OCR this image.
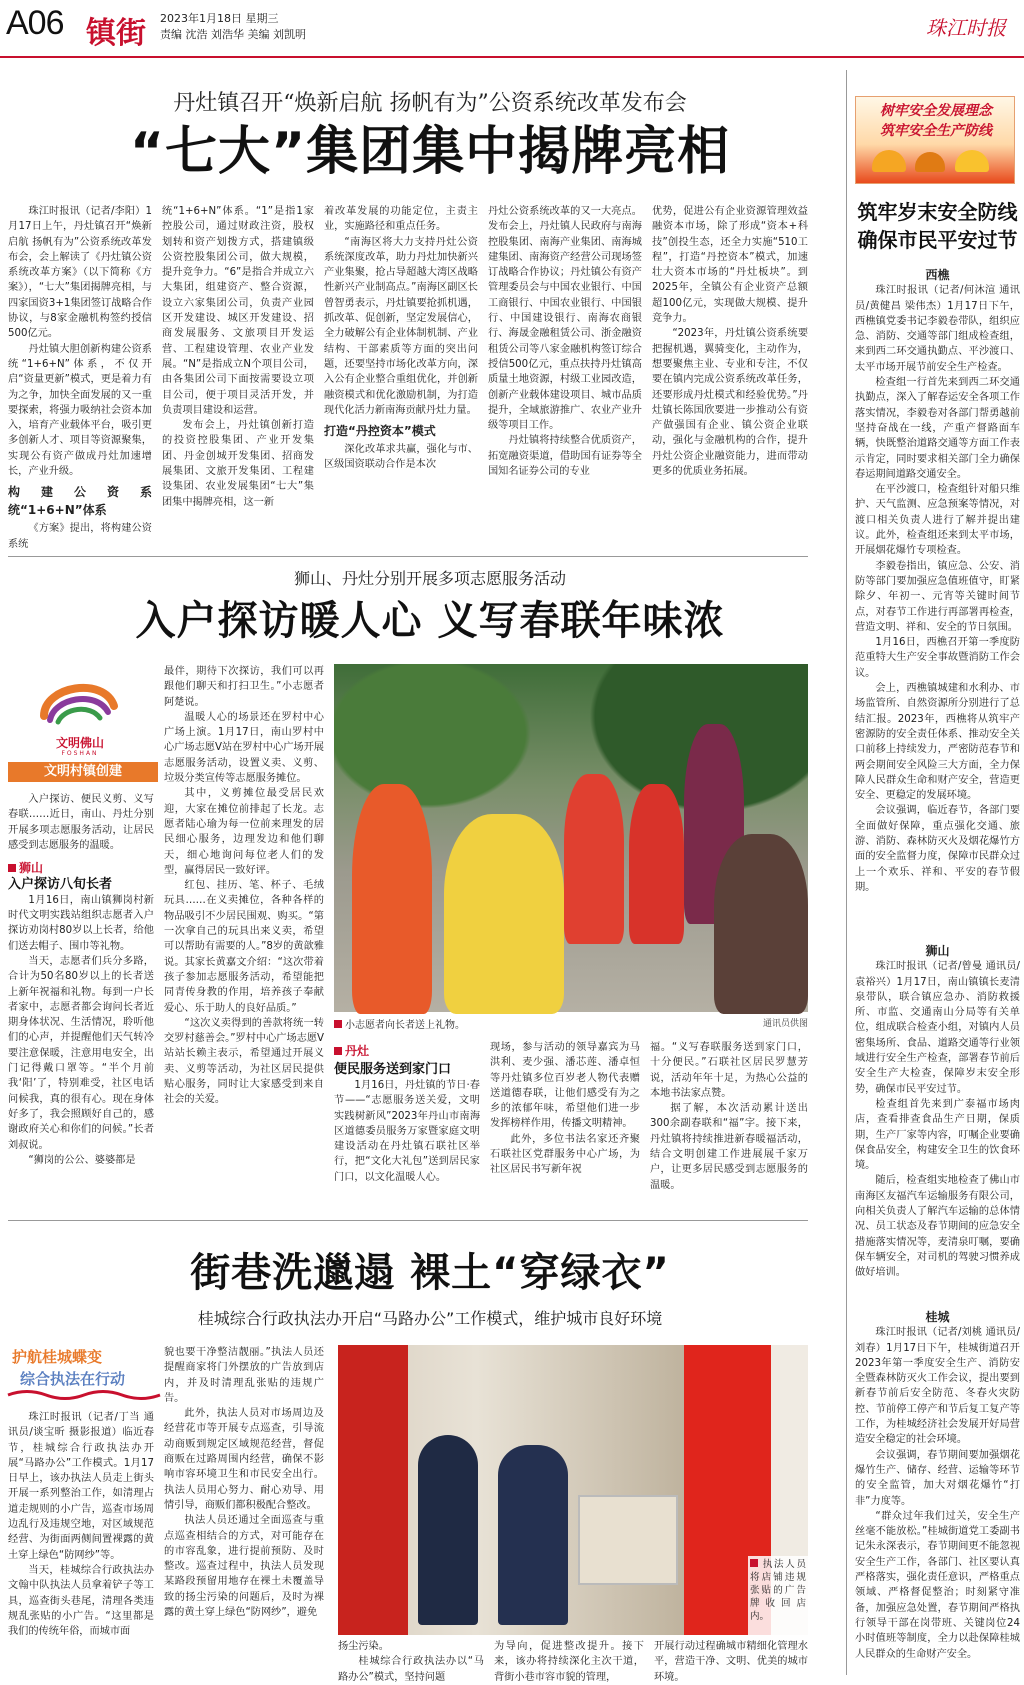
A06 镇街 2023年1月18日 星期三
责编 沈浩 刘浩华 美编 刘凯明	珠江时报
丹灶镇召开“焕新启航 扬帆有为”公资系统改革发布会
“七大”集团集中揭牌亮相

珠江时报讯（记者/李阳）1月17日上午，丹灶镇召开“焕新启航 扬帆有为”公资系统改革发布会，会上解读了《丹灶镇公资系统改革方案》（以下简称《方案》），“七大”集团揭牌亮相，与四家国资3+1集团签订战略合作协议，与8家金融机构签约授信500亿元。

丹灶镇大胆创新构建公资系统“1+6+N”体系，不仅开启“资量更新”模式，更是着力有为之争，加快全面发展的又一重要探索，将强力吸纳社会资本加入，培育产业载体平台，吸引更多创新人才、项目等资源聚集，实现公有资产做成丹灶加速增长，产业升级。

构建公资系统“1+6+N”体系

《方案》提出，将构建公资系统

统“1+6+N”体系。“1”是指1家控股公司，通过财政注资，股权划转和资产划拨方式，搭建镇级公资控股集团公司，做大规模，提升竞争力。“6”是指合并成立六大集团，组建资产、整合资源，设立六家集团公司，负责产业园区开发建设、城区开发建设、招商发展服务、文旅项目开发运营、工程建设管理、农业产业发展。“N”是指成立N个项目公司，由各集团公司下面按需要设立项目公司，便于项目灵活开发，并负责项目建设和运营。

发布会上，丹灶镇创新打造的投资控股集团、产业开发集团、丹金创城开发集团、招商发展集团、文旅开发集团、工程建设集团、农业发展集团“七大”集团集中揭牌亮相，这一新

着改革发展的功能定位，主责主业，实施路径和重点任务。

“南海区将大力支持丹灶公资系统深度改革，助力丹灶加快新兴产业集聚，抢占导超越大湾区战略性新兴产业制高点。”南海区副区长曾智勇表示，丹灶镇要抢抓机遇，抓改革、促创新，坚定发展信心，全力破解公有企业体制机制、产业结构、干部素质等方面的突出问题，还要坚持市场化改革方向，深入公有企业整合重组优化，并创新融资模式和优化激励机制，为打造现代化活力新南海贡献丹灶力量。

打造“丹控资本”模式

深化改革求共赢，强化与市、区级国资联动合作是本次

丹灶公资系统改革的又一大亮点。发布会上，丹灶镇人民政府与南海控股集团、南海产业集团、南海城建集团、南海资产经营公司现场签订战略合作协议；丹灶镇公有资产管理委员会与中国农业银行、中国工商银行、中国农业银行、中国银行、中国建设银行、南海农商银行、海晟金融租赁公司、浙金融资租赁公司等八家金融机构签订综合授信500亿元，重点扶持丹灶镇高质量土地资源，村级工业园改造，创新产业载体建设项目、城市品质提升，全域旅游推广、农业产业升级等项目工作。

丹灶镇将持续整合优质资产，拓宽融资渠道，借助国有证券等全国知名证券公司的专业

优势，促进公有企业资源管理效益融资本市场，除了形成“资本+科技”创投生态，还全力实施“510工程”，打造“丹控资本”模式，加速壮大资本市场的“丹灶板块”。到2025年，全镇公有企业资产总额超100亿元，实现做大规模、提升竞争力。

“2023年，丹灶镇公资系统要把握机遇，翼骑变化，主动作为，想要聚焦主业、专业和专注，不仅要在镇内完成公资系统改革任务，还要形成丹灶模式和经验优势。”丹灶镇长陈国欣要进一步推动公有资产做强国有企业、镇公资企业联动，强化与金融机构的合作，提升丹灶公资企业融资能力，进而带动更多的优质业务拓展。

狮山、丹灶分别开展多项志愿服务活动
入户探访暖人心 义写春联年味浓
文明佛山
FOSHAN
文明村镇创建

入户探访、便民义剪、义写春联……近日，南山、丹灶分别开展多项志愿服务活动，让居民感受到志愿服务的温暖。

狮山
入户探访八旬长者

1月16日，南山镇狮岗村新时代文明实践站组织志愿者入户探访劝岗村80岁以上长者，给他们送去帽子、围巾等礼物。

当天，志愿者们兵分多路，合计为50名80岁以上的长者送上新年祝福和礼物。每到一户长者家中，志愿者都会询问长者近期身体状况、生活情况，聆听他们的心声，并提醒他们天气转冷要注意保暖，注意用电安全，出门记得戴口罩等。“半个月前我‘阳’了，特别难受，社区电话问候我，真的很有心。现在身体好多了，我会照顾好自己的，感谢政府关心和你们的问候。”长者刘叔说。

“狮岗的公公、婆婆都是

最伴，期待下次探访，我们可以再跟他们聊天和打扫卫生。”小志愿者阿楚说。

温暖人心的场景还在罗村中心广场上演。1月17日，南山罗村中心广场志愿V站在罗村中心广场开展志愿服务活动，设置义卖、义剪、垃圾分类宣传等志愿服务摊位。

其中，义剪摊位最受居民欢迎，大家在摊位前排起了长龙。志愿者陆心瑜为每一位前来理发的居民细心服务，边理发边和他们聊天，细心地询问每位老人们的发型，赢得居民一致好评。

红包、挂历、笔、杯子、毛绒玩具……在义卖摊位，各种各样的物品吸引不少居民围观、购买。“第一次拿自己的玩具出来义卖，希望可以帮助有需要的人。”8岁的黄歆雅说。其家长黄嘉文介绍：“这次带着孩子参加志愿服务活动，希望能把同青传身教的作用，培养孩子奉献爱心、乐于助人的良好品质。”

“这次义卖得到的善款将统一转交罗村慈善会。”罗村中心广场志愿V站站长赖主表示，希望通过开展义卖、义剪等活动，为社区居民提供贴心服务，同时让大家感受到来自社会的关爱。

小志愿者向长者送上礼物。	通讯员供图
丹灶
便民服务送到家门口

1月16日，丹灶镇的节日·春节——“志愿服务送关爱，文明实践树新风”2023年丹山市南海区道德委员服务万家暨家庭文明建设活动在丹灶镇石联社区举行，把“文化大礼包”送到居民家门口，以文化温暖人心。

现场，参与活动的领导嘉宾为马洪利、麦少强、潘芯莲、潘卓恒等丹灶镇多位百岁老人物代表赠送道德春联，让他们感受有为之乡的浓郁年味，希望他们进一步发挥榜样作用，传播文明精神。

此外，多位书法名家还齐聚石联社区党群服务中心广场，为社区居民书写新年祝

福。“义写春联服务送到家门口，十分便民。”石联社区居民罗慧芳说，活动年年十足，为热心公益的本地书法家点赞。

据了解，本次活动累计送出300余副春联和“福”字。接下来，丹灶镇将持续推进新春暖福活动，结合文明创建工作进展展千家万户，让更多居民感受到志愿服务的温暖。

街巷洗邋遢 裸土“穿绿衣”
桂城综合行政执法办开启“马路办公”工作模式，维护城市良好环境
护航桂城蝶变
综合执法在行动

珠江时报讯（记者/丁当 通讯员/谈宝昕 摄影报道）临近春节，桂城综合行政执法办开展“马路办公”工作模式。1月17日早上，该办执法人员走上街头开展一系列整治工作，如清理占道走规则的小广告，巡查市场周边乱行及违规空地，对区域规范经营、为街面两侧间置裸露的黄土穿上绿色“防网纱”等。

当天，桂城综合行政执法办文翰中队执法人员拿着铲子等工具，巡查街头巷尾，清理各类违规乱张贴的小广告。“这里都是我们的传统年俗，而城市面

貌也要干净整洁靓丽。”执法人员还提醒商家将门外摆放的广告放到店内，并及时清理乱张贴的违规广告。

此外，执法人员对市场周边及经营花市等开展专点巡查，引导流动商贩到规定区域规范经营，督促商贩在过路周围内经营，确保不影响市容环境卫生和市民安全出行。执法人员用心努力、耐心劝导、用情引导，商贩们都积极配合整改。

执法人员还通过全面巡查与重点巡查相结合的方式，对可能存在的市容乱象，进行提前预防、及时整改。巡查过程中，执法人员发现某路段预留用地存在裸土未覆盖导致的扬尘污染的问题后，及时为裸露的黄土穿上绿色“防网纱”，避免

扬尘污染。

桂城综合行政执法办以“马路办公”模式，坚持问题

为导向，促进整改提升。接下来，该办将持续深化主次干道，背街小巷市容市貌的管理，

开展行动过程确城市精细化管理水平，营造干净、文明、优美的城市环境。

执法人员将店铺违规张贴的广告牌收回店内。
树牢安全发展理念
筑牢安全生产防线
筑牢岁末安全防线 确保市民平安过节
西樵

珠江时报讯（记者/何沐渲 通讯员/黄健昌 梁伟杰）1月17日下午，西樵镇党委书记李毅卷带队，组织应急、消防、交通等部门组成检查组，来到西二环交通执勤点、平沙渡口、太平市场开展节前安全生产检查。

检查组一行首先来到西二环交通执勤点，深入了解春运安全各项工作落实情况，李毅卷对各部门帮勇越前坚持奋战在一线，产重产督路面车辆，快既整治道路交通等方面工作表示肯定，同时要求相关部门全力确保春运期间道路交通安全。

在平沙渡口，检查组针对船只维护、天气监测、应急预案等情况，对渡口相关负责人进行了解并提出建议。此外，检查组还来到太平市场，开展烟花爆竹专项检查。

李毅卷指出，镇应急、公安、消防等部门要加强应急值班值守，盯紧除夕、年初一、元宵等关键时间节点，对春节工作进行再部署再检查，营造文明、祥和、安全的节日氛围。

1月16日，西樵召开第一季度防范重特大生产安全事故暨消防工作会议。

会上，西樵镇城建和水利办、市场监管所、自然资源所分别进行了总结汇报。2023年，西樵将从筑牢产密源防的安全责任体系、推动安全关口前移上持续发力，严密防范春节和两会期间安全风险三大方面，全力保障人民群众生命和财产安全，营造更安全、更稳定的发展环境。

会议强调，临近春节，各部门要全面做好保障，重点强化交通、旅游、消防、森林防灭火及烟花爆竹方面的安全监督力度，保障市民群众过上一个欢乐、祥和、平安的春节假期。

狮山

珠江时报讯（记者/曾曼 通讯员/袁裕兴）1月17日，南山镇镇长麦清泉带队，联合镇应急办、消防救援所、市监、交通南山分局等有关单位，组成联合检查小组，对镇内人员密集场所、食品、道路交通等行业领域进行安全生产检查，部署春节前后安全生产大检查，保障岁末安全形势，确保市民平安过节。

检查组首先来到广泰福市场肉店，查看排查食品生产日期，保质期，生产厂家等内容，叮嘱企业要确保食品安全，构建安全卫生的饮食环境。

随后，检查组实地检查了佛山市南海区友福汽车运输服务有限公司，向相关负责人了解汽车运输的总体情况、员工状态及春节期间的应急安全措施落实情况等，麦清泉叮嘱，要确保车辆安全，对司机的驾驶习惯养成做好培训。

桂城

珠江时报讯（记者/刘桃 通讯员/刘春）1月17日下午，桂城街道召开2023年第一季度安全生产、消防安全暨森林防灭火工作会议，提出要到新春节前后安全防范、冬春火灾防控、节前停工停产和节后复工复产等工作，为桂城经济社会发展开好局营造安全稳定的社会环境。

会议强调，春节期间要加强烟花爆竹生产、储存、经营、运输等环节的安全监管，加大对烟花爆竹“打非”力度等。

“群众过年我们过关，安全生产丝毫不能放松。”桂城街道党工委副书记朱永深表示，春节期间更不能忽视安全生产工作，各部门、社区要认真严格落实，强化责任意识，严格重点领域、严格督促整治；时刻紧守准备，加强应急处置，春节期间严格执行领导干部在岗带班、关键岗位24小时值班等制度，全力以赴保障桂城人民群众的生命财产安全。
